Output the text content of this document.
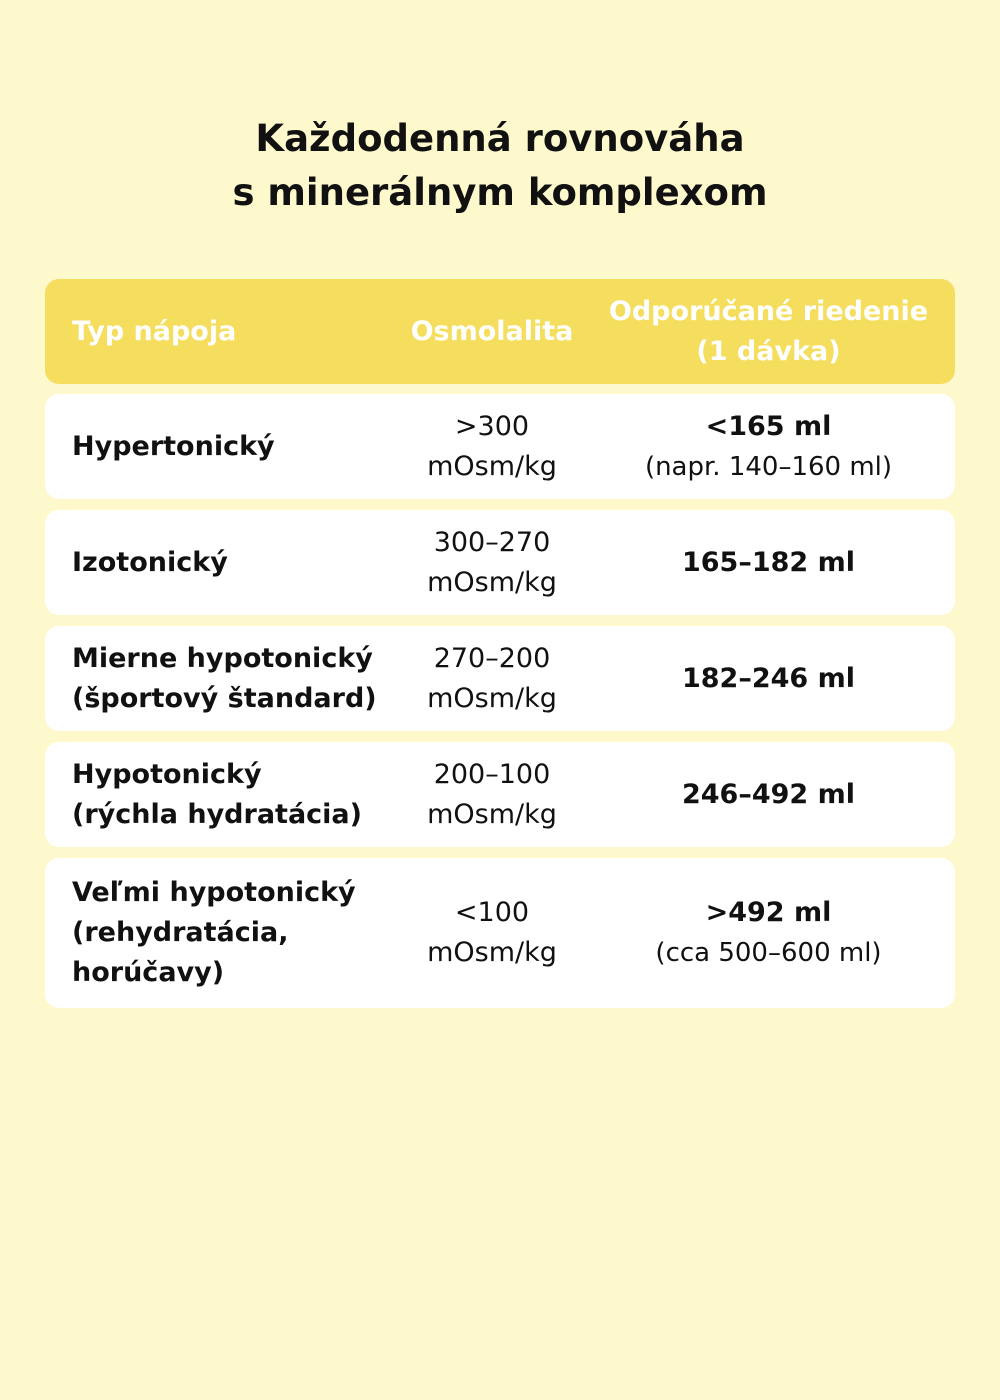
Každodenná rovnováha
s minerálnym komplexom
Typ nápoja	Osmolalita
Odporúčané riedenie
(1 dávka)
Hypertonický
>300
mOsm/kg
<165 ml
(napr. 140–160 ml)
Izotonický
300–270
mOsm/kg
165–182 ml
Mierne hypotonický
(športový štandard)
270–200
mOsm/kg
182–246 ml
Hypotonický
(rýchla hydratácia)
200–100
mOsm/kg
246–492 ml
Veľmi hypotonický
(rehydratácia,
horúčavy)
<100
mOsm/kg
>492 ml
(cca 500–600 ml)
